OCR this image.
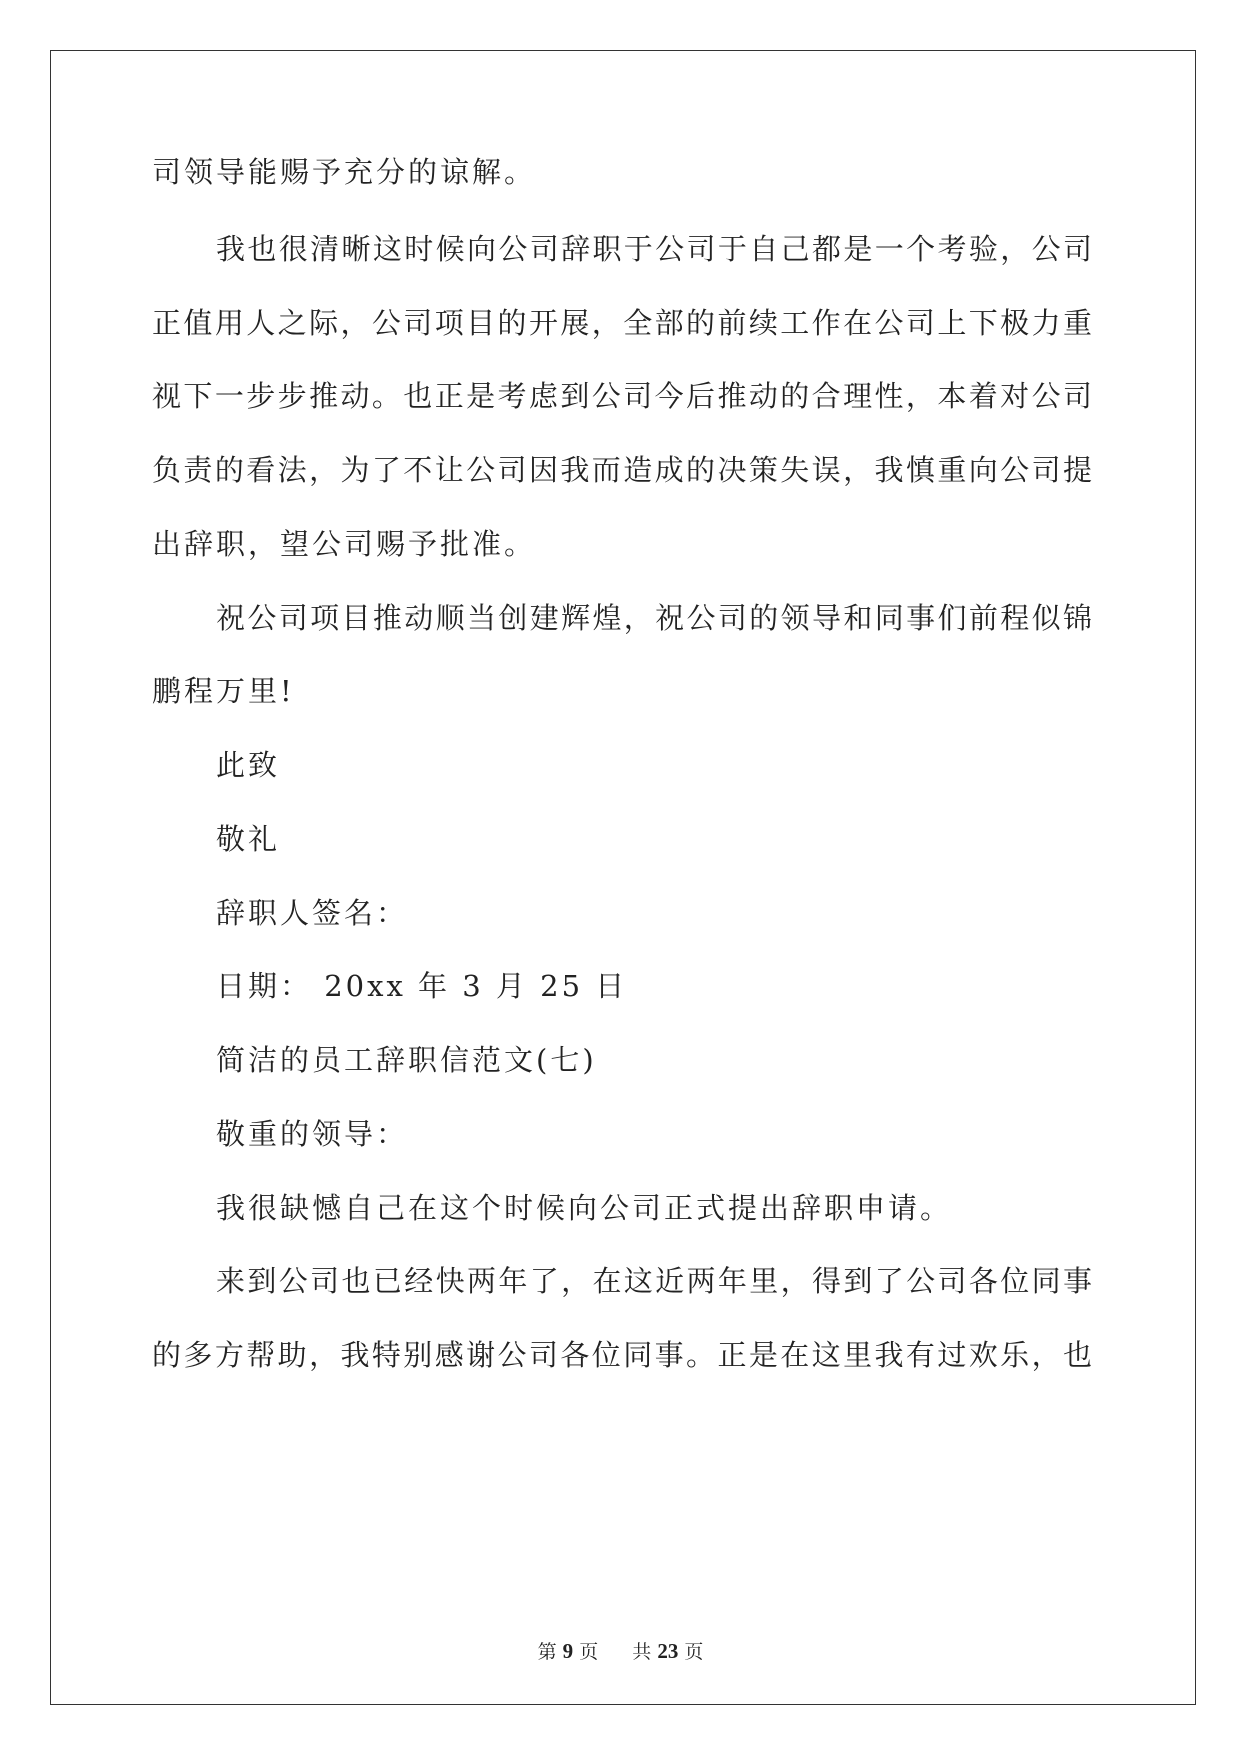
司领导能赐予充分的谅解。
我也很清晰这时候向公司辞职于公司于自己都是一个考验，公司
正值用人之际，公司项目的开展，全部的前续工作在公司上下极力重
视下一步步推动。也正是考虑到公司今后推动的合理性，本着对公司
负责的看法，为了不让公司因我而造成的决策失误，我慎重向公司提
出辞职，望公司赐予批准。
祝公司项目推动顺当创建辉煌，祝公司的领导和同事们前程似锦
鹏程万里!
此致
敬礼
辞职人签名：
日期： 20xx 年 3 月 25 日
简洁的员工辞职信范文(七)
敬重的领导：
我很缺憾自己在这个时候向公司正式提出辞职申请。
来到公司也已经快两年了，在这近两年里，得到了公司各位同事
的多方帮助，我特别感谢公司各位同事。正是在这里我有过欢乐，也
第 9 页 共 23 页
